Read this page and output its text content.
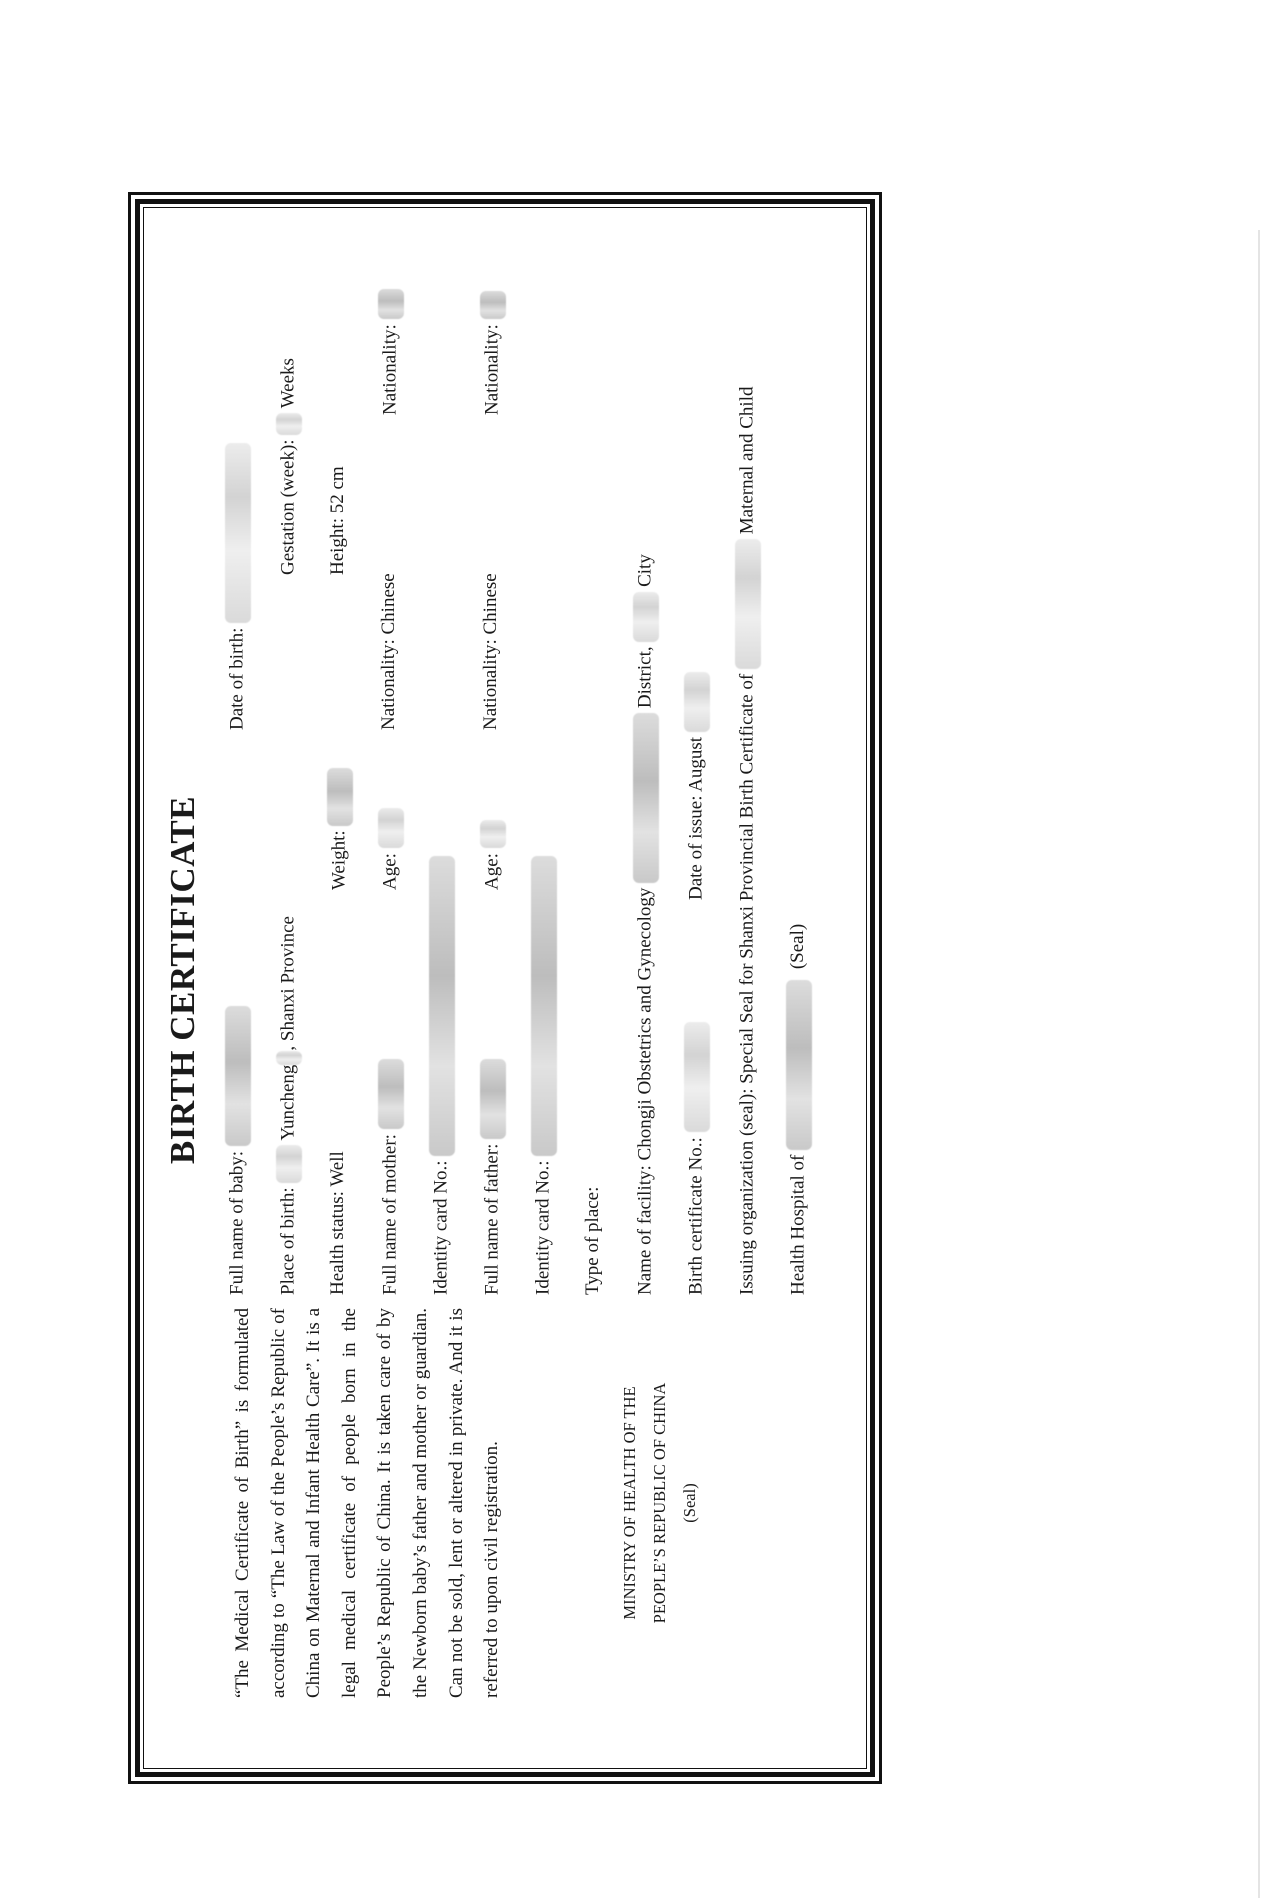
BIRTH CERTIFICATE
“The Medical Certificate of Birth” is formulated according to “The Law of the People’s Republic of China on Maternal and Infant Health Care”. It is a legal medical certificate of people born in the People’s Republic of China. It is taken care of by the Newborn baby’s father and mother or guardian. Can not be sold, lent or altered in private. And it is referred to upon civil registration.	MINISTRY OF HEALTH OF THE PEOPLE’S REPUBLIC OF CHINA (Seal)
Full name of baby:
Date of birth:
Place of birth:  Yuncheng, Shanxi Province
Gestation (week):  Weeks
Health status: Well
Weight:
Height: 52 cm
Full name of mother:
Age:
Nationality: Chinese
Nationality:
Identity card No.: Full name of father:
Age:
Nationality: Chinese
Nationality:
Identity card No.: Type of place: Name of facility: Chongji Obstetrics and Gynecology  District,  City
Birth certificate No.:
Date of issue: August
Issuing organization (seal): Special Seal for Shanxi Provincial Birth Certificate of  Maternal and Child
Health Hospital of  (Seal)
